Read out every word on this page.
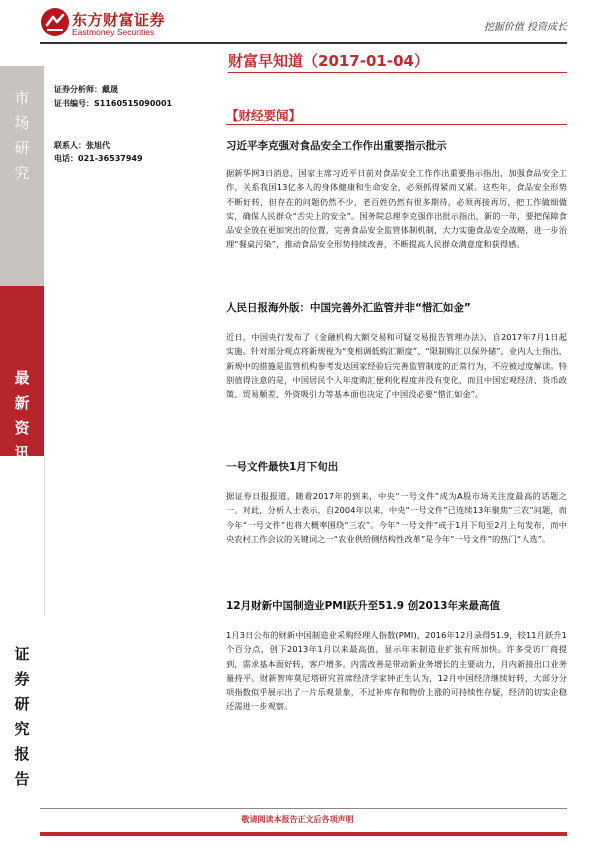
东方财富证券
Eastmoney Securities	挖掘价值 投资成长
市场研究
最新资讯
证券研究报告
财富早知道（2017-01-04）
证券分析师：戴晟
证书编号：S1160515090001
联系人：张旭代
电话：021-36537949
【财经要闻】
习近平李克强对食品安全工作作出重要指示批示
据新华网3日消息，国家主席习近平日前对食品安全工作作出重要指示指出，加强食品安全工作，关系我国13亿多人的身体健康和生命安全，必须抓得紧而又紧。这些年，食品安全形势不断好转，但存在的问题仍然不少，老百姓仍然有很多期待，必须再接再厉，把工作做细做实，确保人民群众“舌尖上的安全”。国务院总理李克强作出批示指出，新的一年，要把保障食品安全放在更加突出的位置，完善食品安全监管体制机制，大力实施食品安全战略，进一步治理“餐桌污染”，推动食品安全形势持续改善，不断提高人民群众满意度和获得感。
人民日报海外版：中国完善外汇监管并非“惜汇如金”
近日，中国央行发布了《金融机构大额交易和可疑交易报告管理办法》，自2017年7月1日起实施。针对部分观点将新规视为“变相调低购汇额度”、“限制购汇以保外储”，业内人士指出，新规中的措施是监管机构参考发达国家经验后完善监管制度的正常行为，不应被过度解读。特别值得注意的是，中国居民个人年度购汇便利化程度并没有变化，而且中国宏观经济、货币政策、贸易顺差、外资吸引力等基本面也决定了中国没必要“惜汇如金”。
一号文件最快1月下旬出
据证券日报报道，随着2017年的到来，中央“一号文件”成为A股市场关注度最高的话题之一。对此，分析人士表示，自2004年以来，中央“一号文件”已连续13年聚焦“三农”问题，而今年“一号文件”也将大概率围绕“三农”。今年“一号文件”或于1月下旬至2月上旬发布，而中央农村工作会议的关键词之一“农业供给侧结构性改革”是今年“一号文件”的热门“人选”。
12月财新中国制造业PMI跃升至51.9 创2013年来最高值
1月3日公布的财新中国制造业采购经理人指数(PMI)，2016年12月录得51.9，较11月跃升1个百分点，创下2013年1月以来最高值，显示年末制造业扩张有所加快。许多受访厂商提到，需求基本面好转，客户增多。内需改善是带动新业务增长的主要动力，月内新接出口业务量持平。财新智库莫尼塔研究首席经济学家钟正生认为，12月中国经济继续好转，大部分分项指数似乎展示出了一片乐观景象，不过补库存和物价上涨的可持续性存疑，经济的切实企稳还需进一步观察。
敬请阅读本报告正文后各项声明
